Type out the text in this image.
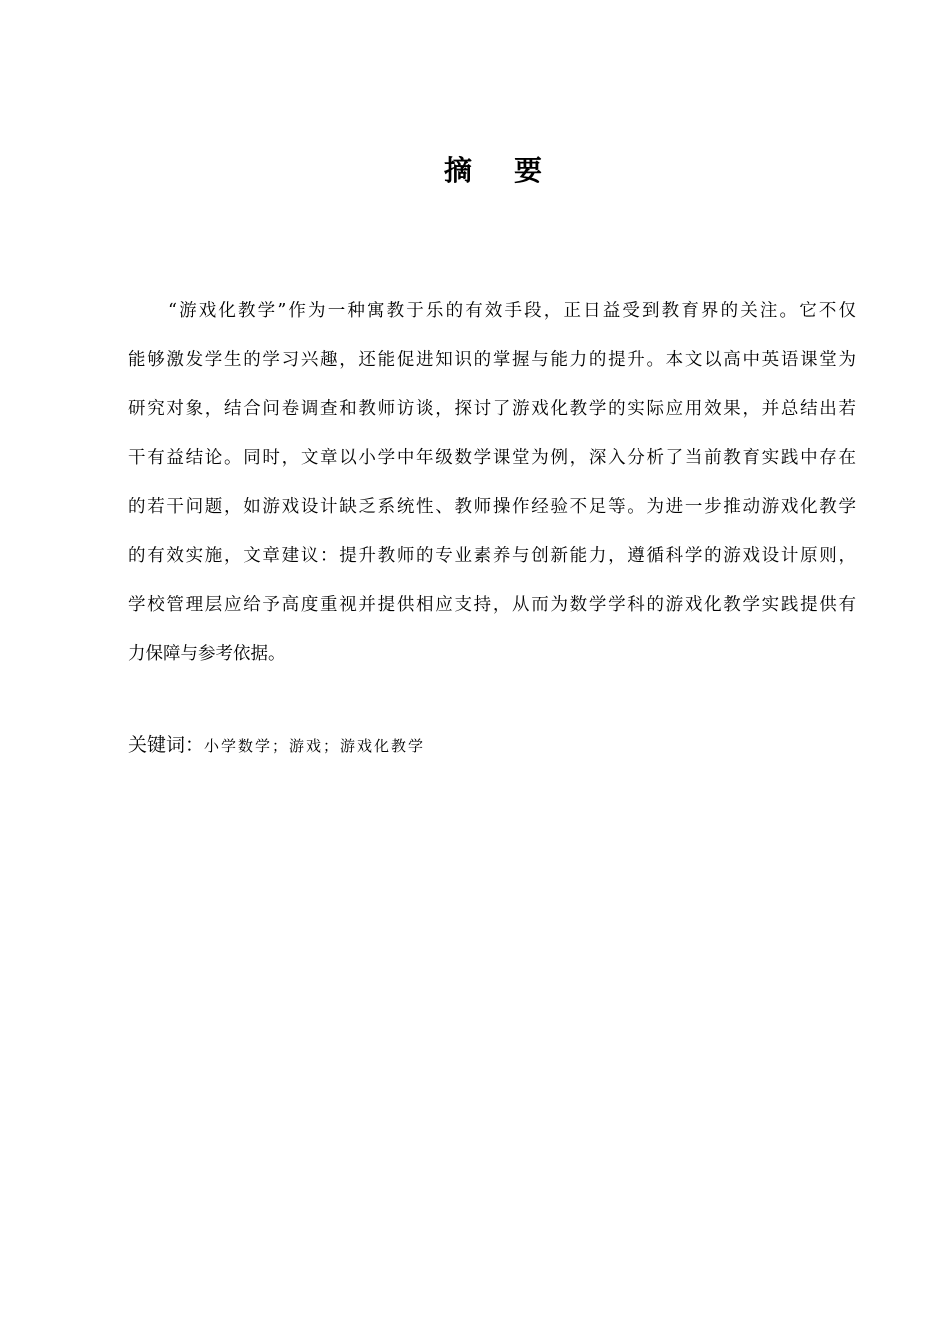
摘 要
“游戏化教学”作为一种寓教于乐的有效手段，正日益受到教育界的关注。它不仅
能够激发学生的学习兴趣，还能促进知识的掌握与能力的提升。本文以高中英语课堂为
研究对象，结合问卷调查和教师访谈，探讨了游戏化教学的实际应用效果，并总结出若
干有益结论。同时，文章以小学中年级数学课堂为例，深入分析了当前教育实践中存在
的若干问题，如游戏设计缺乏系统性、教师操作经验不足等。为进一步推动游戏化教学
的有效实施，文章建议：提升教师的专业素养与创新能力，遵循科学的游戏设计原则，
学校管理层应给予高度重视并提供相应支持，从而为数学学科的游戏化教学实践提供有
力保障与参考依据。
关键词：小学数学；游戏；游戏化教学
